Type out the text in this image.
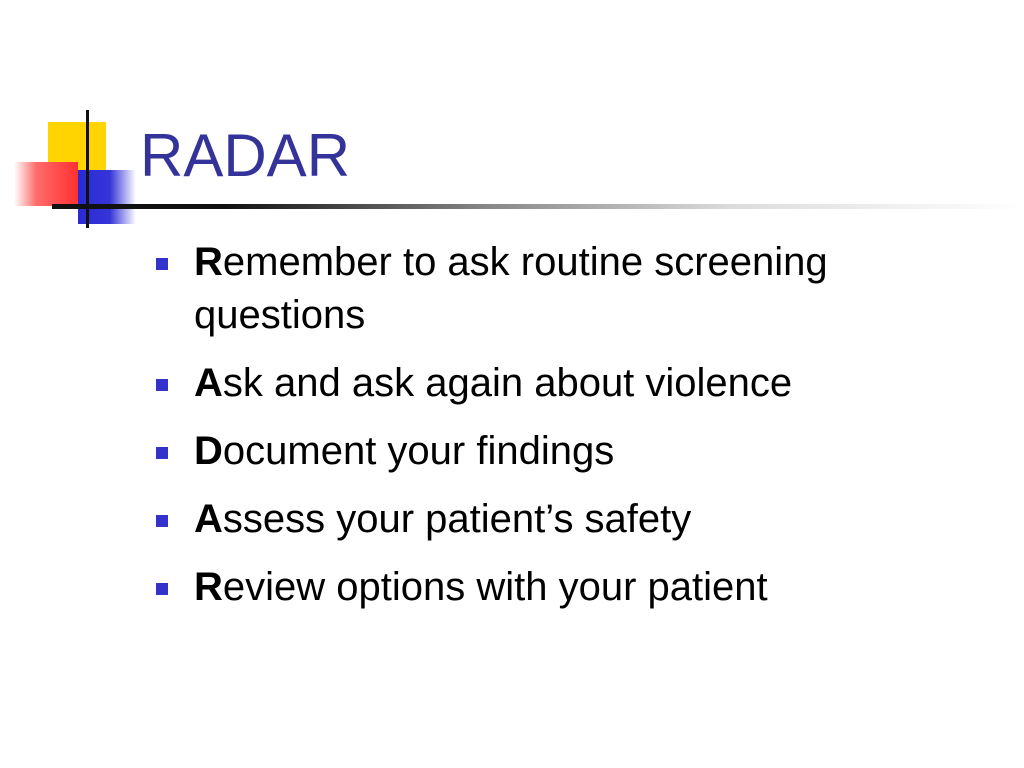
RADAR
Remember to ask routine screening questions
Ask and ask again about violence
Document your findings
Assess your patient’s safety
Review options with your patient
